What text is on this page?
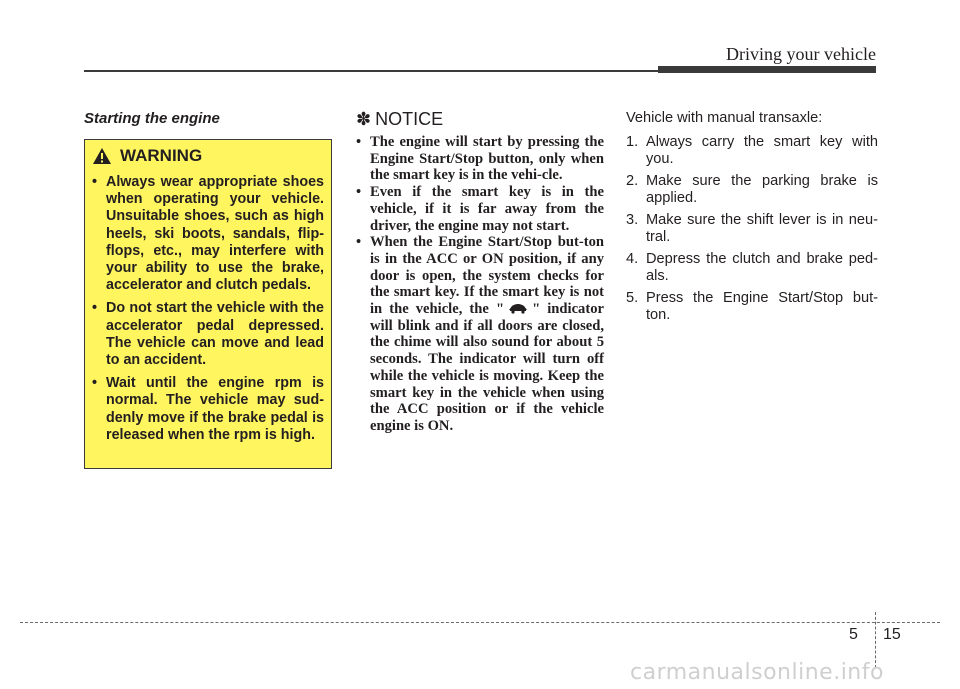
Driving your vehicle
Starting the engine
WARNING
• Always wear appropriate shoes when operating your vehicle. Unsuitable shoes, such as high heels, ski boots, sandals, flip-flops, etc., may interfere with your ability to use the brake, accelerator and clutch pedals.
• Do not start the vehicle with the accelerator pedal depressed. The vehicle can move and lead to an accident.
• Wait until the engine rpm is normal. The vehicle may sud-denly move if the brake pedal is released when the rpm is high.
✽ NOTICE
• The engine will start by pressing the Engine Start/Stop button, only when the smart key is in the vehi-cle.
• Even if the smart key is in the vehicle, if it is far away from the driver, the engine may not start.
• When the Engine Start/Stop but-ton is in the ACC or ON position, if any door is open, the system checks for the smart key. If the smart key is not in the vehicle, the " " indicator will blink and if all doors are closed, the chime will also sound for about 5 seconds. The indicator will turn off while the vehicle is moving. Keep the smart key in the vehicle when using the ACC position or if the vehicle engine is ON.
Vehicle with manual transaxle:
1. Always carry the smart key with you.
2. Make sure the parking brake is applied.
3. Make sure the shift lever is in neu-tral.
4. Depress the clutch and brake ped-als.
5. Press the Engine Start/Stop but-ton.
5 15
carmanualsonline.info
